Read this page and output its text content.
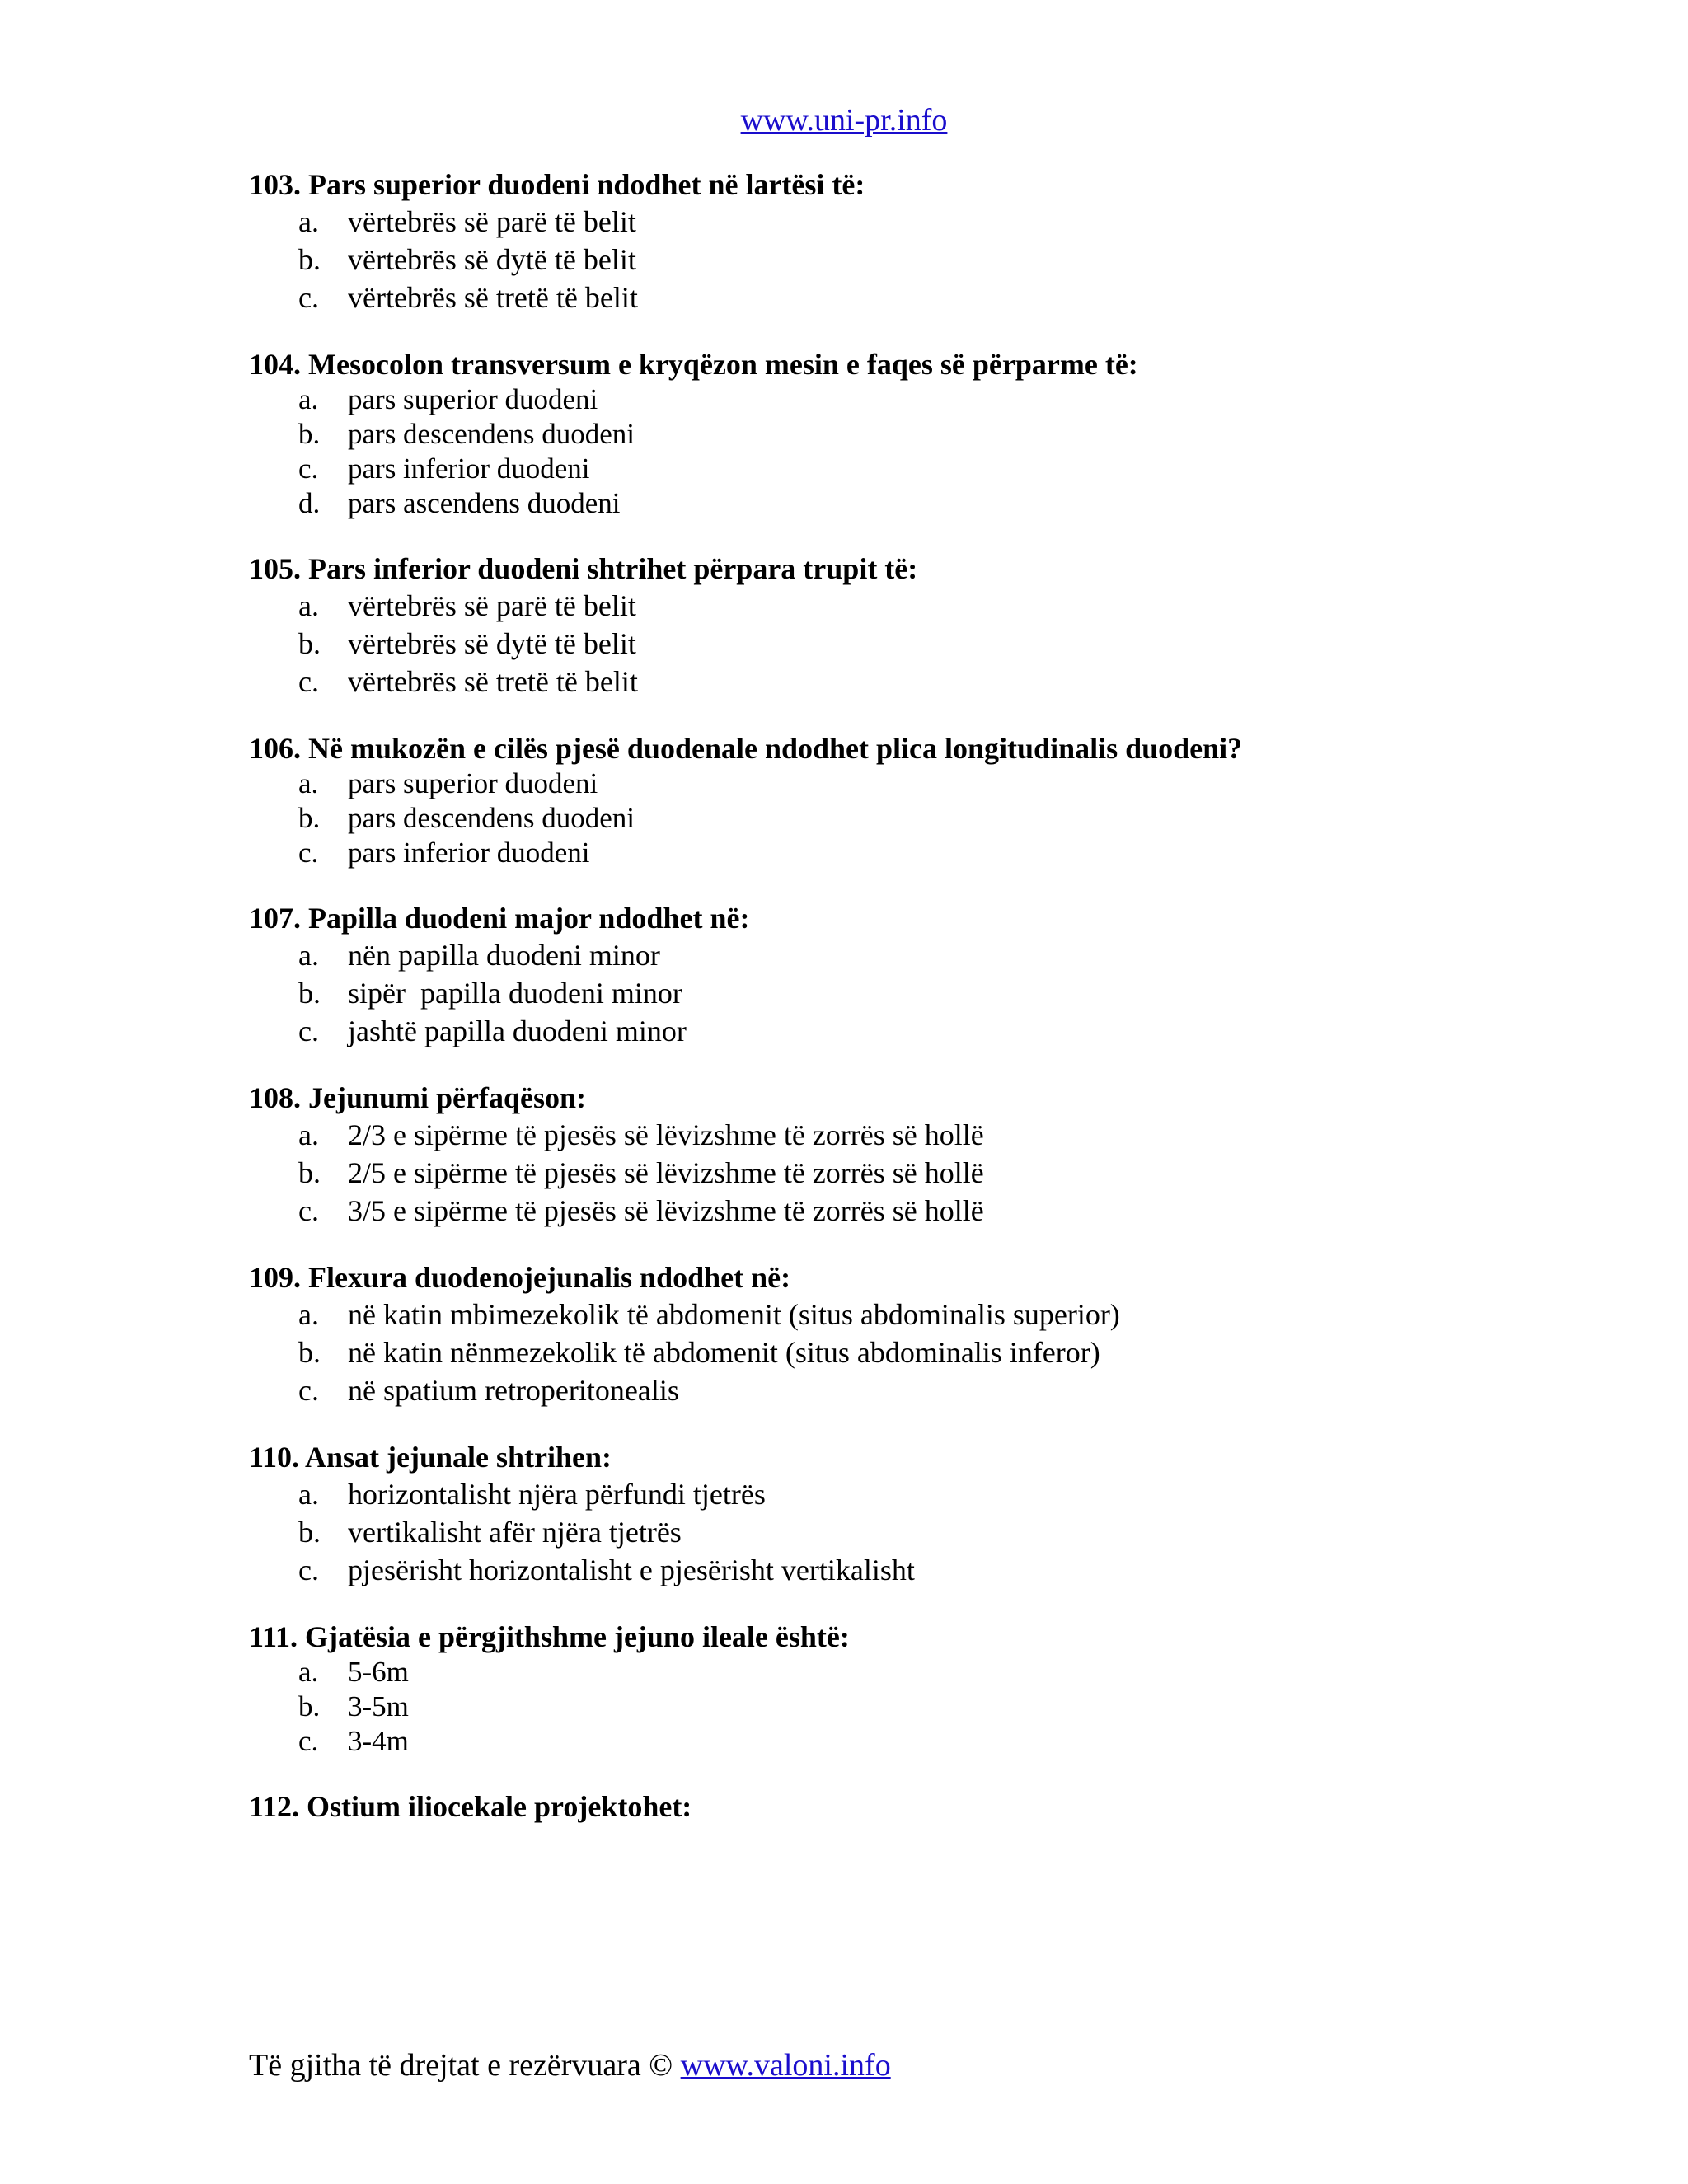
www.uni-pr.info
103. Pars superior duodeni ndodhet në lartësi të:
a. vërtebrës së parë të belit
b. vërtebrës së dytë të belit
c. vërtebrës së tretë të belit
104. Mesocolon transversum e kryqëzon mesin e faqes së përparme të:
a.	pars superior duodeni
b. pars descendens duodeni
c.	pars inferior duodeni
d. pars ascendens duodeni
105. Pars inferior duodeni shtrihet përpara trupit të:
a. vërtebrës së parë të belit
b. vërtebrës së dytë të belit
c. vërtebrës së tretë të belit
106. Në mukozën e cilës pjesë duodenale ndodhet plica longitudinalis duodeni?
a.	pars superior duodeni
b. pars descendens duodeni
c.	pars inferior duodeni
107. Papilla duodeni major ndodhet në:
a. nën papilla duodeni minor
b. sipër  papilla duodeni minor
c. jashtë papilla duodeni minor
108. Jejunumi përfaqëson:
a. 2/3 e sipërme të pjesës së lëvizshme të zorrës së hollë
b. 2/5 e sipërme të pjesës së lëvizshme të zorrës së hollë
c. 3/5 e sipërme të pjesës së lëvizshme të zorrës së hollë
109. Flexura duodenojejunalis ndodhet në:
a. në katin mbimezekolik të abdomenit (situs abdominalis superior)
b. në katin nënmezekolik të abdomenit (situs abdominalis inferor)
c. në spatium retroperitonealis
110. Ansat jejunale shtrihen:
a. horizontalisht njëra përfundi tjetrës
b. vertikalisht afër njëra tjetrës
c. pjesërisht horizontalisht e pjesërisht vertikalisht
111. Gjatësia e përgjithshme jejuno ileale është:
a.	5-6m
b. 3-5m
c.	3-4m
112. Ostium iliocekale projektohet:
Të gjitha të drejtat e rezërvuara © www.valoni.info
